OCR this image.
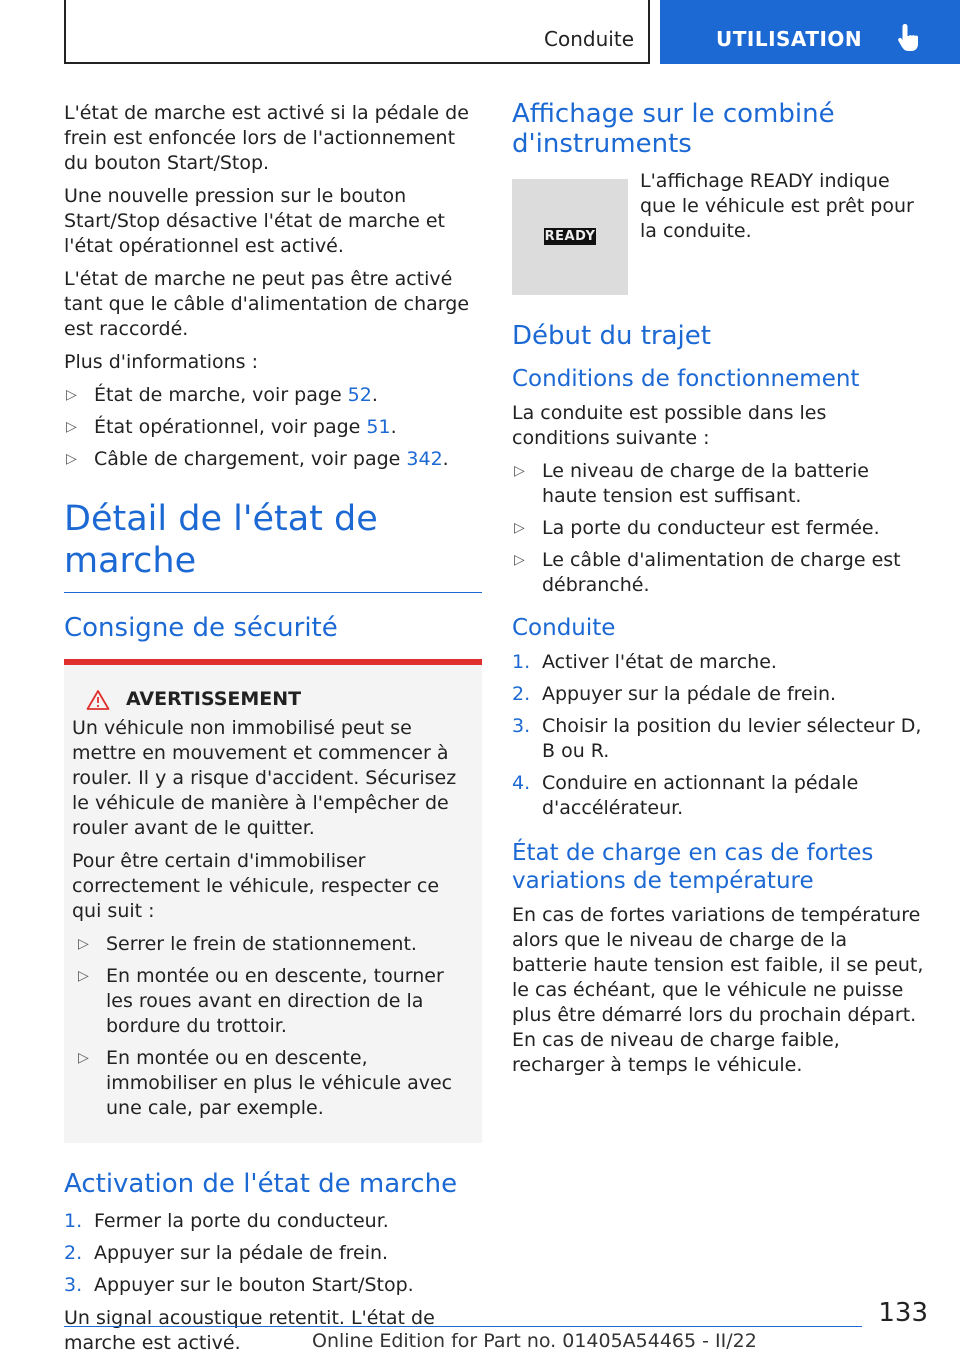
Conduite	UTILISATION

L'état de marche est activé si la pédale de frein est enfoncée lors de l'actionnement du bouton Start/Stop.

Une nouvelle pression sur le bouton Start/Stop désactive l'état de marche et l'état opérationnel est activé.

L'état de marche ne peut pas être activé tant que le câble d'alimentation de charge est raccordé.

Plus d'informations :

▷ État de marche, voir page 52.
▷ État opérationnel, voir page 51.
▷ Câble de chargement, voir page 342.
Détail de l'état de marche
Consigne de sécurité
AVERTISSEMENT

Un véhicule non immobilisé peut se mettre en mouvement et commencer à rouler. Il y a risque d'accident. Sécurisez le véhicule de manière à l'empêcher de rouler avant de le quitter.

Pour être certain d'immobiliser correctement le véhicule, respecter ce qui suit :

▷ Serrer le frein de stationnement.
▷ En montée ou en descente, tourner les roues avant en direction de la bordure du trottoir.
▷ En montée ou en descente, immobiliser en plus le véhicule avec une cale, par exemple.
Activation de l'état de marche
1. Fermer la porte du conducteur.
2. Appuyer sur la pédale de frein.
3. Appuyer sur le bouton Start/Stop.

Un signal acoustique retentit. L'état de marche est activé.

Affichage sur le combiné d'instruments
READY
L'affichage READY indique que le véhicule est prêt pour la conduite.
Début du trajet
Conditions de fonctionnement

La conduite est possible dans les conditions suivante :

▷ Le niveau de charge de la batterie haute tension est suffisant.
▷ La porte du conducteur est fermée.
▷ Le câble d'alimentation de charge est débranché.
Conduite
1. Activer l'état de marche.
2. Appuyer sur la pédale de frein.
3. Choisir la position du levier sélecteur D, B ou R.
4. Conduire en actionnant la pédale d'accélérateur.
État de charge en cas de fortes variations de température

En cas de fortes variations de température alors que le niveau de charge de la batterie haute tension est faible, il se peut, le cas échéant, que le véhicule ne puisse plus être démarré lors du prochain départ. En cas de niveau de charge faible, recharger à temps le véhicule.

133
Online Edition for Part no. 01405A54465 - II/22
